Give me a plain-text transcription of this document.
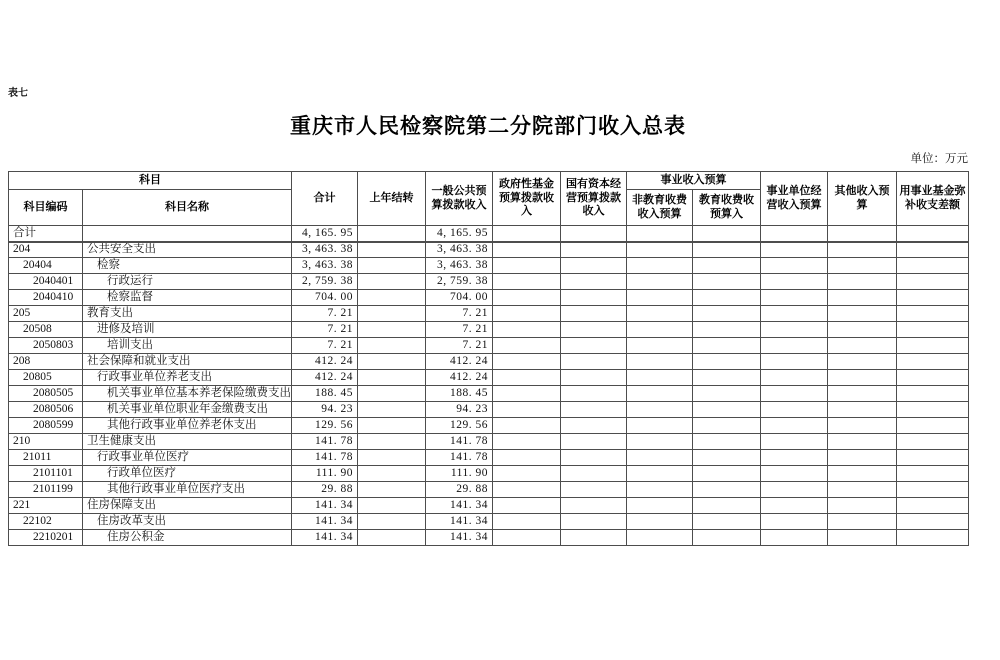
表七
重庆市人民检察院第二分院部门收入总表
单位：万元
科目		合计	上年结转	一般公共预算拨款收入	政府性基金预算拨款收入	国有资本经营预算拨款收入	事业收入预算		事业单位经营收入预算	其他收入预算	用事业基金弥补收支差额
科目编码	科目名称						非教育收费收入预算	教育收费收预算入			
合计		4, 165. 95		4, 165. 95							
204	公共安全支出	3, 463. 38		3, 463. 38							
20404	检察	3, 463. 38		3, 463. 38							
2040401	行政运行	2, 759. 38		2, 759. 38							
2040410	检察监督	704. 00		704. 00							
205	教育支出	7. 21		7. 21							
20508	进修及培训	7. 21		7. 21							
2050803	培训支出	7. 21		7. 21							
208	社会保障和就业支出	412. 24		412. 24							
20805	行政事业单位养老支出	412. 24		412. 24							
2080505	机关事业单位基本养老保险缴费支出	188. 45		188. 45							
2080506	机关事业单位职业年金缴费支出	94. 23		94. 23							
2080599	其他行政事业单位养老休支出	129. 56		129. 56							
210	卫生健康支出	141. 78		141. 78							
21011	行政事业单位医疗	141. 78		141. 78							
2101101	行政单位医疗	111. 90		111. 90							
2101199	其他行政事业单位医疗支出	29. 88		29. 88							
221	住房保障支出	141. 34		141. 34							
22102	住房改革支出	141. 34		141. 34							
2210201	住房公积金	141. 34		141. 34							
